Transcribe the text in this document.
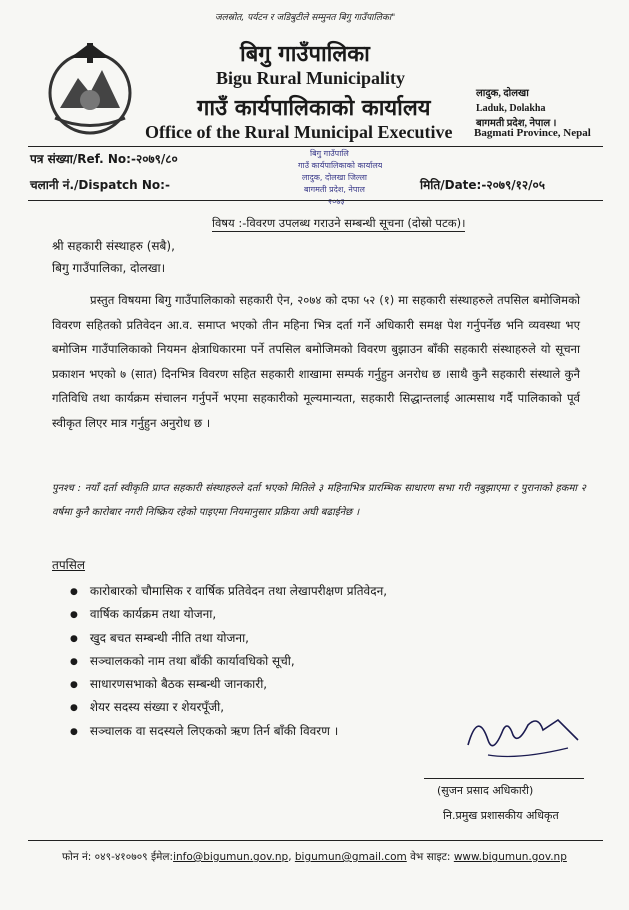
जलस्रोत, पर्यटन र जडिबुटीले सम्मुनत बिगु गाउँपालिका"
बिगु गाउँपालिका
Bigu Rural Municipality
गाउँ कार्यपालिकाको कार्यालय
Office of the Rural Municipal Executive
लादुक, दोलखा
Laduk, Dolakha
बागमती प्रदेश, नेपाल ।
Bagmati Province, Nepal
पत्र संख्या/Ref. No:-२०७९/८०
चलानी नं./Dispatch No:-	मिति/Date:-२०७९/१२/०५
बिगु गाउँपालि
गाउँ कार्यपालिकाको कार्यालय
लादुक, दोलखा जिल्ला
बागमती प्रदेश, नेपाल
२०७३
विषय :-विवरण उपलब्ध गराउने सम्बन्धी सूचना (दोस्रो पटक)।
श्री सहकारी संस्थाहरु (सबै),
बिगु गाउँपालिका, दोलखा।
प्रस्तुत विषयमा बिगु गाउँपालिकाको सहकारी ऐन, २०७४ को दफा ५२ (१) मा सहकारी संस्थाहरुले तपसिल बमोजिमको विवरण सहितको प्रतिवेदन आ.व. समाप्त भएको तीन महिना भित्र दर्ता गर्ने अधिकारी समक्ष पेश गर्नुपर्नेछ भनि व्यवस्था भए बमोजिम गाउँपालिकाको नियमन क्षेत्राधिकारमा पर्ने तपसिल बमोजिमको विवरण बुझाउन बाँकी सहकारी संस्थाहरुले यो सूचना प्रकाशन भएको ७ (सात) दिनभित्र विवरण सहित सहकारी शाखामा सम्पर्क गर्नुहुन अनरोध छ ।साथै कुनै सहकारी संस्थाले कुनै गतिविधि तथा कार्यक्रम संचालन गर्नुपर्ने भएमा सहकारीको मूल्यमान्यता, सहकारी सिद्धान्तलाई आत्मसाथ गर्दै पालिकाको पूर्व स्वीकृत लिएर मात्र गर्नुहुन अनुरोध छ ।
पुनश्च : नयाँ दर्ता स्वीकृति प्राप्त सहकारी संस्थाहरुले दर्ता भएको मितिले ३ महिनाभित्र प्रारम्भिक साधारण सभा गरी नबुझाएमा र पुरानाको हकमा २ वर्षमा कुनै कारोबार नगरी निष्क्रिय रहेको पाइएमा नियमानुसार प्रक्रिया अघी बढाईनेछ ।
तपसिल
● कारोबारको चौमासिक र वार्षिक प्रतिवेदन तथा लेखापरीक्षण प्रतिवेदन,
● वार्षिक कार्यक्रम तथा योजना,
● खुद बचत सम्बन्धी नीति तथा योजना,
● सञ्चालकको नाम तथा बाँकी कार्यावधिको सूची,
● साधारणसभाको बैठक सम्बन्धी जानकारी,
● शेयर सदस्य संख्या र शेयरपूँजी,
● सञ्चालक वा सदस्यले लिएकको ऋण तिर्न बाँकी विवरण ।
(सुजन प्रसाद अधिकारी)
नि.प्रमुख प्रशासकीय अधिकृत
फोन नं: ०४९-४१०७०९ ईमेल:info@bigumun.gov.np, bigumun@gmail.com वेभ साइट: www.bigumun.gov.np
